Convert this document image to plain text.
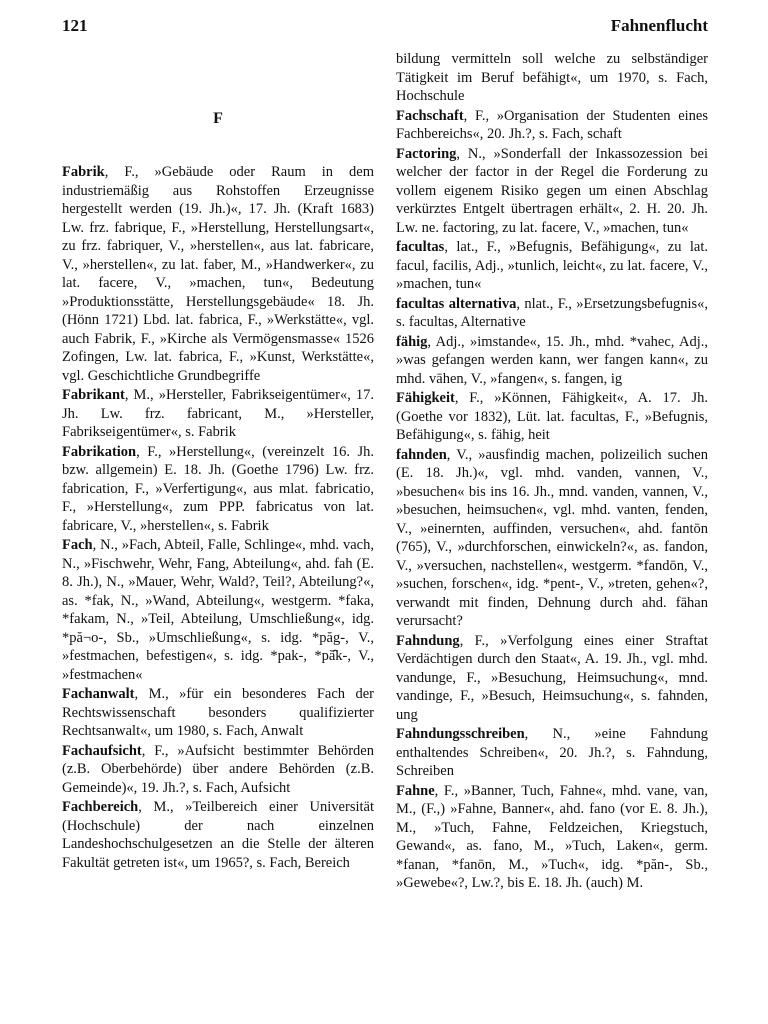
121	Fahnenflucht
F

Fabrik, F., »Gebäude oder Raum in dem industriemäßig aus Rohstoffen Erzeugnisse hergestellt werden (19. Jh.)«, 17. Jh. (Kraft 1683) Lw. frz. fabrique, F., »Herstellung, Herstellungsart«, zu frz. fabriquer, V., »herstellen«, aus lat. fabricare, V., »herstellen«, zu lat. faber, M., »Handwerker«, zu lat. facere, V., »machen, tun«, Bedeutung »Produktionsstätte, Herstellungsgebäude« 18. Jh. (Hönn 1721) Lbd. lat. fabrica, F., »Werkstätte«, vgl. auch Fabrik, F., »Kirche als Vermögensmasse« 1526 Zofingen, Lw. lat. fabrica, F., »Kunst, Werkstätte«, vgl. Geschichtliche Grundbegriffe

Fabrikant, M., »Hersteller, Fabrikseigentümer«, 17. Jh. Lw. frz. fabricant, M., »Hersteller, Fabrikseigentümer«, s. Fabrik

Fabrikation, F., »Herstellung«, (vereinzelt 16. Jh. bzw. allgemein) E. 18. Jh. (Goethe 1796) Lw. frz. fabrication, F., »Verfertigung«, aus mlat. fabricatio, F., »Herstellung«, zum PPP. fabricatus von lat. fabricare, V., »herstellen«, s. Fabrik

Fach, N., »Fach, Abteil, Falle, Schlinge«, mhd. vach, N., »Fischwehr, Wehr, Fang, Abteilung«, ahd. fah (E. 8. Jh.), N., »Mauer, Wehr, Wald?, Teil?, Abteilung?«, as. *fak, N., »Wand, Abteilung«, westgerm. *faka, *fakam, N., »Teil, Abteilung, Umschließung«, idg. *pă¬o-, Sb., »Umschließung«, s. idg. *păg-, V., »festmachen, befestigen«, s. idg. *pak-, *pă̂k-, V., »festmachen«

Fachanwalt, M., »für ein besonderes Fach der Rechtswissenschaft besonders qualifizierter Rechtsanwalt«, um 1980, s. Fach, Anwalt

Fachaufsicht, F., »Aufsicht bestimmter Behörden (z.B. Oberbehörde) über andere Behörden (z.B. Gemeinde)«, 19. Jh.?, s. Fach, Aufsicht

Fachbereich, M., »Teilbereich einer Universität (Hochschule) der nach einzelnen Landeshochschulgesetzen an die Stelle der älteren Fakultät getreten ist«, um 1965?, s. Fach, Bereich

bildung vermitteln soll welche zu selbständiger Tätigkeit im Beruf befähigt«, um 1970, s. Fach, Hochschule

Fachschaft, F., »Organisation der Studenten eines Fachbereichs«, 20. Jh.?, s. Fach, schaft

Factoring, N., »Sonderfall der Inkassozession bei welcher der factor in der Regel die Forderung zu vollem eigenem Risiko gegen um einen Abschlag verkürztes Entgelt übertragen erhält«, 2. H. 20. Jh. Lw. ne. factoring, zu lat. facere, V., »machen, tun«

facultas, lat., F., »Befugnis, Befähigung«, zu lat. facul, facilis, Adj., »tunlich, leicht«, zu lat. facere, V., »machen, tun«

facultas alternativa, nlat., F., »Ersetzungsbefugnis«, s. facultas, Alternative

fähig, Adj., »imstande«, 15. Jh., mhd. *vahec, Adj., »was gefangen werden kann, wer fangen kann«, zu mhd. vāhen, V., »fangen«, s. fangen, ig

Fähigkeit, F., »Können, Fähigkeit«, A. 17. Jh. (Goethe vor 1832), Lüt. lat. facultas, F., »Befugnis, Befähigung«, s. fähig, heit

fahnden, V., »ausfindig machen, polizeilich suchen (E. 18. Jh.)«, vgl. mhd. vanden, vannen, V., »besuchen« bis ins 16. Jh., mnd. vanden, vannen, V., »besuchen, heimsuchen«, vgl. mhd. vanten, fenden, V., »einernten, auffinden, versuchen«, ahd. fantōn (765), V., »durchforschen, einwickeln?«, as. fandon, V., »versuchen, nachstellen«, westgerm. *fandōn, V., »suchen, forschen«, idg. *pent-, V., »treten, gehen«?, verwandt mit finden, Dehnung durch ahd. fāhan verursacht?

Fahndung, F., »Verfolgung eines einer Straftat Verdächtigen durch den Staat«, A. 19. Jh., vgl. mhd. vandunge, F., »Besuchung, Heimsuchung«, mnd. vandinge, F., »Besuch, Heimsuchung«, s. fahnden, ung

Fahndungsschreiben, N., »eine Fahndung enthaltendes Schreiben«, 20. Jh.?, s. Fahndung, Schreiben

Fahne, F., »Banner, Tuch, Fahne«, mhd. vane, van, M., (F.,) »Fahne, Banner«, ahd. fano (vor E. 8. Jh.), M., »Tuch, Fahne, Feldzeichen, Kriegstuch, Gewand«, as. fano, M., »Tuch, Laken«, germ. *fanan, *fanōn, M., »Tuch«, idg. *păn-, Sb., »Gewebe«?, Lw.?, bis E. 18. Jh. (auch) M.
